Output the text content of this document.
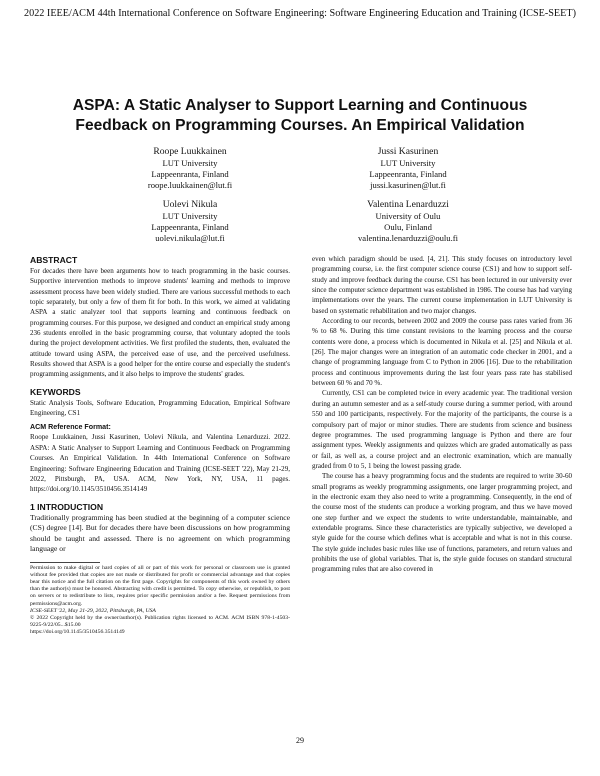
2022 IEEE/ACM 44th International Conference on Software Engineering: Software Engineering Education and Training (ICSE-SEET)
ASPA: A Static Analyser to Support Learning and Continuous Feedback on Programming Courses. An Empirical Validation
Roope Luukkainen
LUT University
Lappeenranta, Finland
roope.luukkainen@lut.fi
Jussi Kasurinen
LUT University
Lappeenranta, Finland
jussi.kasurinen@lut.fi
Uolevi Nikula
LUT University
Lappeenranta, Finland
uolevi.nikula@lut.fi
Valentina Lenarduzzi
University of Oulu
Oulu, Finland
valentina.lenarduzzi@oulu.fi
ABSTRACT

For decades there have been arguments how to teach programming in the basic courses. Supportive intervention methods to improve students' learning and methods to improve assessment process have been widely studied. There are various successful methods to each topic separately, but only a few of them fit for both. In this work, we aimed at validating ASPA a static analyzer tool that supports learning and continuous feedback on programming courses. For this purpose, we designed and conduct an empirical study among 236 students enrolled in the basic programming course, that voluntary adopted the tools during the project development activities. We first profiled the students, then, evaluated the attitude toward using ASPA, the perceived ease of use, and the perceived usefulness. Results showed that ASPA is a good helper for the entire course and especially the student's programming assignments, and it also helps to improve the students' grades.

KEYWORDS

Static Analysis Tools, Software Education, Programming Education, Empirical Software Engineering, CS1

ACM Reference Format:

Roope Luukkainen, Jussi Kasurinen, Uolevi Nikula, and Valentina Lenarduzzi. 2022. ASPA: A Static Analyser to Support Learning and Continuous Feedback on Programming Courses. An Empirical Validation. In 44th International Conference on Software Engineering: Software Engineering Education and Training (ICSE-SEET '22), May 21-29, 2022, Pittsburgh, PA, USA. ACM, New York, NY, USA, 11 pages. https://doi.org/10.1145/3510456.3514149

1 INTRODUCTION

Traditionally programming has been studied at the beginning of a computer science (CS) degree [14]. But for decades there have been discussions on how programming should be taught and assessed. There is no agreement on which programming language or

Permission to make digital or hard copies of all or part of this work for personal or classroom use is granted without fee provided that copies are not made or distributed for profit or commercial advantage and that copies bear this notice and the full citation on the first page. Copyrights for components of this work owned by others than the author(s) must be honored. Abstracting with credit is permitted. To copy otherwise, or republish, to post on servers or to redistribute to lists, requires prior specific permission and/or a fee. Request permissions from permissions@acm.org.

ICSE-SEET '22, May 21-29, 2022, Pittsburgh, PA, USA

© 2022 Copyright held by the owner/author(s). Publication rights licensed to ACM. ACM ISBN 978-1-4503-9225-9/22/05...$15.00

https://doi.org/10.1145/3510456.3514149

even which paradigm should be used. [4, 21]. This study focuses on introductory level programming course, i.e. the first computer science course (CS1) and how to support self-study and improve feedback during the course. CS1 has been lectured in our university ever since the computer science department was established in 1986. The course has had varying implementations over the years. The current course implementation in LUT University is based on systematic rehabilitation and two major changes.

According to our records, between 2002 and 2009 the course pass rates varied from 36 % to 68 %. During this time constant revisions to the learning process and the course contents were done, a process which is documented in Nikula et al. [25] and Nikula et al. [26]. The major changes were an integration of an automatic code checker in 2001, and a change of programming language from C to Python in 2006 [16]. Due to the rehabilitation process and continuous improvements during the last four years pass rate has stabilised between 60 % and 70 %.

Currently, CS1 can be completed twice in every academic year. The traditional version during an autumn semester and as a self-study course during a summer period, with around 550 and 100 participants, respectively. For the majority of the participants, the course is a compulsory part of major or minor studies. There are students from science and business degree programmes. The used programming language is Python and there are four assignment types. Weekly assignments and quizzes which are graded automatically as pass or fail, as well as, a course project and an electronic examination, which are manually graded from 0 to 5, 1 being the lowest passing grade.

The course has a heavy programming focus and the students are required to write 30-60 small programs as weekly programming assignments, one larger programming project, and in the electronic exam they also need to write a programming. Consequently, in the end of the course most of the students can produce a working program, and thus we have moved one step further and we expect the students to write understandable, maintainable, and extendable programs. Since these characteristics are typically subjective, we developed a style guide for the course which defines what is acceptable and what is not in this course. The style guide includes basic rules like use of functions, parameters, and return values and prohibits the use of global variables. That is, the style guide focuses on standard structural programming rules that are also covered in

29
